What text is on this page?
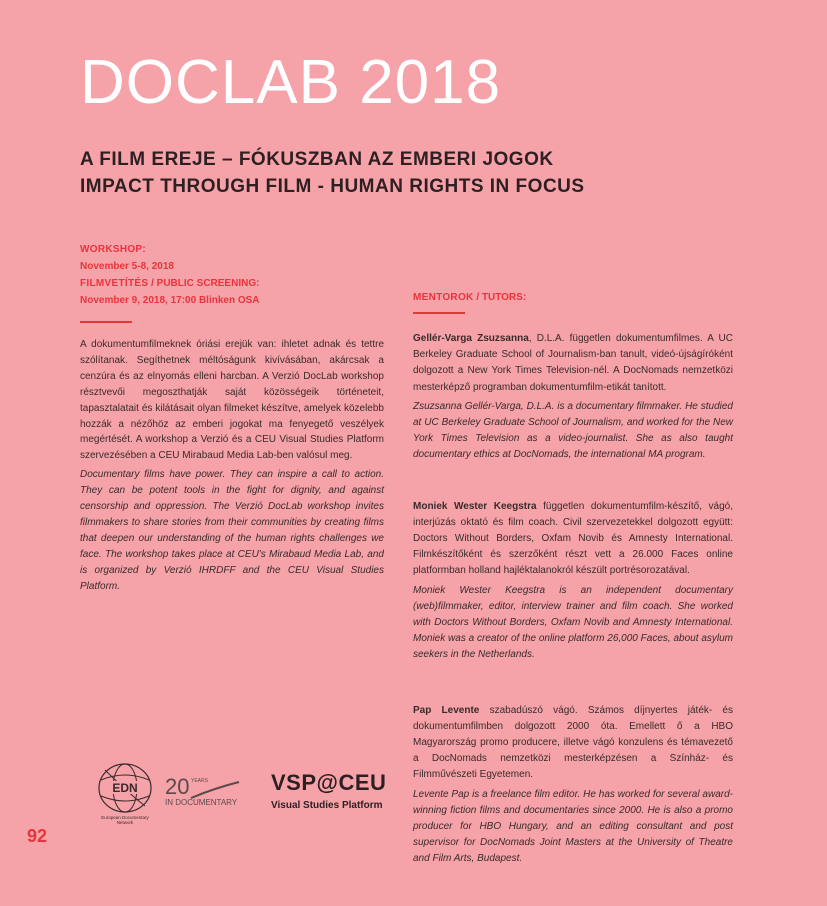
DOCLAB 2018
A FILM EREJE – FÓKUSZBAN AZ EMBERI JOGOK
IMPACT THROUGH FILM - HUMAN RIGHTS IN FOCUS
WORKSHOP:
November 5-8, 2018
FILMVETÍTÉS / PUBLIC SCREENING:
November 9, 2018, 17:00 Blinken OSA

A dokumentumfilmeknek óriási erejük van: ihletet adnak és tettre szólítanak. Segíthetnek méltóságunk kivívásában, akárcsak a cenzúra és az elnyomás elleni harcban. A Verzió DocLab workshop résztvevői megoszthatják saját közösségeik történeteit, tapasztalatait és kilátásait olyan filmeket készítve, amelyek közelebb hozzák a nézőhöz az emberi jogokat ma fenyegető veszélyek megértését. A workshop a Verzió és a CEU Visual Studies Platform szervezésében a CEU Mirabaud Media Lab-ben valósul meg.

Documentary films have power. They can inspire a call to action. They can be potent tools in the fight for dignity, and against censorship and oppression. The Verzió DocLab workshop invites filmmakers to share stories from their communities by creating films that deepen our understanding of the human rights challenges we face. The workshop takes place at CEU's Mirabaud Media Lab, and is organized by Verzió IHRDFF and the CEU Visual Studies Platform.

MENTOROK / TUTORS:

Gellér-Varga Zsuzsanna, D.L.A. független dokumentumfilmes. A UC Berkeley Graduate School of Journalism-ban tanult, videó-újságíróként dolgozott a New York Times Television-nél. A DocNomads nemzetközi mesterképző programban dokumentumfilm-etikát tanított.

Zsuzsanna Gellér-Varga, D.L.A. is a documentary filmmaker. He studied at UC Berkeley Graduate School of Journalism, and worked for the New York Times Television as a video-journalist. She as also taught documentary ethics at DocNomads, the international MA program.

Moniek Wester Keegstra független dokumentumfilm-készítő, vágó, interjúzás oktató és film coach. Civil szervezetekkel dolgozott együtt: Doctors Without Borders, Oxfam Novib és Amnesty International. Filmkészítőként és szerzőként részt vett a 26.000 Faces online platformban holland hajléktalanokról készült portrésorozatával.

Moniek Wester Keegstra is an independent documentary (web)filmmaker, editor, interview trainer and film coach. She worked with Doctors Without Borders, Oxfam Novib and Amnesty International. Moniek was a creator of the online platform 26,000 Faces, about asylum seekers in the Netherlands.

Pap Levente szabadúszó vágó. Számos díjnyertes játék- és dokumentumfilmben dolgozott 2000 óta. Emellett ő a HBO Magyarország promo producere, illetve vágó konzulens és témavezető a DocNomads nemzetközi mesterképzésen a Színház- és Filmművészeti Egyetemen.

Levente Pap is a freelance film editor. He has worked for several award-winning fiction films and documentaries since 2000. He is also a promo producer for HBO Hungary, and an editing consultant and post supervisor for DocNomads Joint Masters at the University of Theatre and Film Arts, Budapest.

EDN
European Documentary Network
20 YEARS
IN DOCUMENTARY
VSP@CEU
Visual Studies Platform
92
